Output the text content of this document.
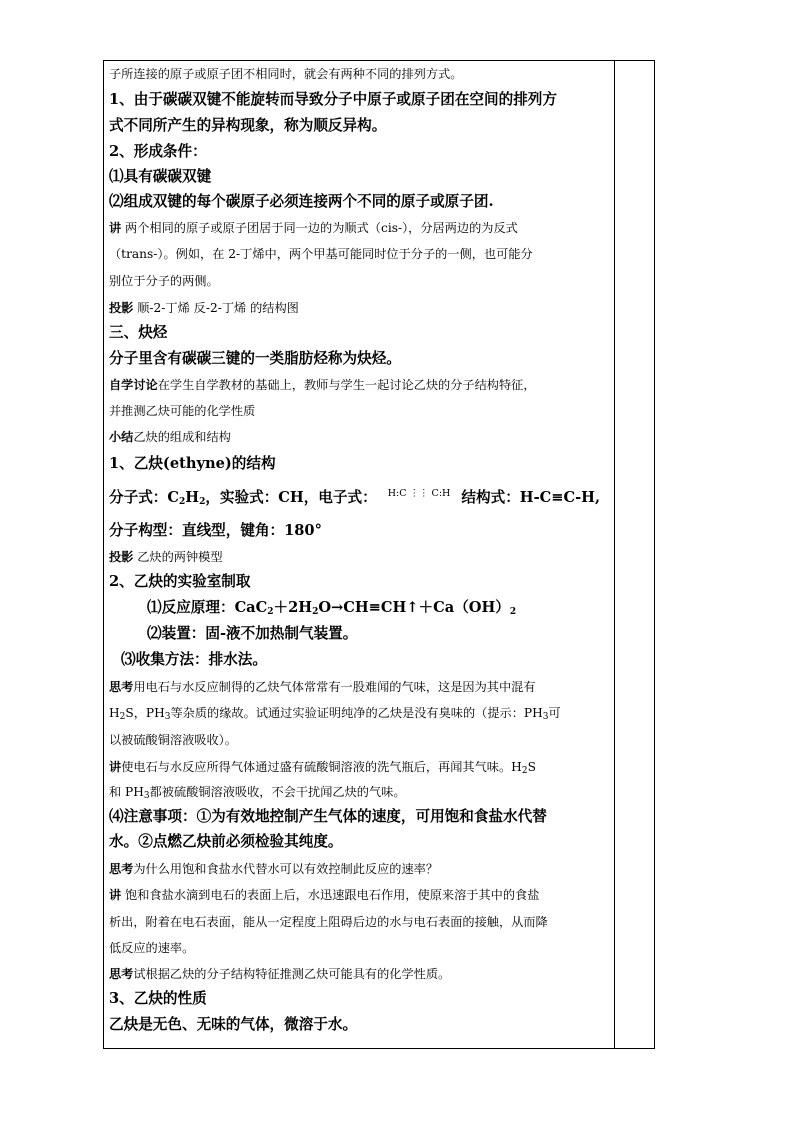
子所连接的原子或原子团不相同时，就会有两种不同的排列方式。
1、由于碳碳双键不能旋转而导致分子中原子或原子团在空间的排列方
式不同所产生的异构现象，称为顺反异构。
2、形成条件：
⑴具有碳碳双键
⑵组成双键的每个碳原子必须连接两个不同的原子或原子团.
讲 两个相同的原子或原子团居于同一边的为顺式（cis-），分居两边的为反式
（trans-）。例如，在 2-丁烯中，两个甲基可能同时位于分子的一侧，也可能分
别位于分子的两侧。
投影 顺-2-丁烯 反-2-丁烯 的结构图
三、炔烃
分子里含有碳碳三键的一类脂肪烃称为炔烃。
自学讨论在学生自学教材的基础上，教师与学生一起讨论乙炔的分子结构特征，
并推测乙炔可能的化学性质
小结乙炔的组成和结构
1、乙炔(ethyne)的结构
分子式：$C_2H_2$，实验式：CH，电子式： $^{H:C ⋮⋮ C:H}$ 结构式：H-C≡C-H,
分子构型：直线型，键角：180°
投影 乙炔的两钟模型
2、乙炔的实验室制取
⑴反应原理：$CaC_2+2H_2O\to CH\equiv CH↑+Ca(OH)_2$
⑵装置：固-液不加热制气装置。
⑶收集方法：排水法。
思考用电石与水反应制得的乙炔气体常常有一股难闻的气味，这是因为其中混有
$H_2S$，$PH_3$等杂质的缘故。试通过实验证明纯净的乙炔是没有臭味的（提示：$PH_3$可
以被硫酸铜溶液吸收）。
讲使电石与水反应所得气体通过盛有硫酸铜溶液的洗气瓶后，再闻其气味。$H_2S$
和 $PH_3$都被硫酸铜溶液吸收，不会干扰闻乙炔的气味。
⑷注意事项：①为有效地控制产生气体的速度，可用饱和食盐水代替
水。②点燃乙炔前必须检验其纯度。
思考为什么用饱和食盐水代替水可以有效控制此反应的速率？
讲 饱和食盐水滴到电石的表面上后，水迅速跟电石作用，使原来溶于其中的食盐
析出，附着在电石表面，能从一定程度上阻碍后边的水与电石表面的接触，从而降
低反应的速率。
思考试根据乙炔的分子结构特征推测乙炔可能具有的化学性质。
3、乙炔的性质
乙炔是无色、无味的气体，微溶于水。
